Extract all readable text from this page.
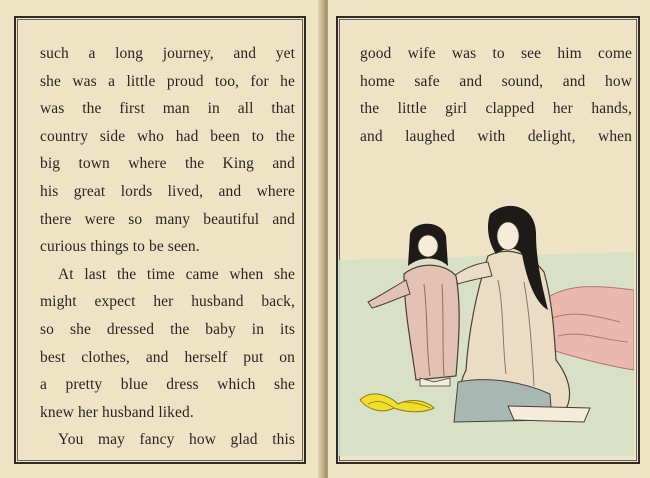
such a long journey, and yet
she was a little proud too, for he
was the first man in all that
country side who had been to the
big town where the King and
his great lords lived, and where
there were so many beautiful and
curious things to be seen.
At last the time came when she
might expect her husband back,
so she dressed the baby in its
best clothes, and herself put on
a pretty blue dress which she
knew her husband liked.
You may fancy how glad this
good wife was to see him come
home safe and sound, and how
the little girl clapped her hands,
and laughed with delight, when
